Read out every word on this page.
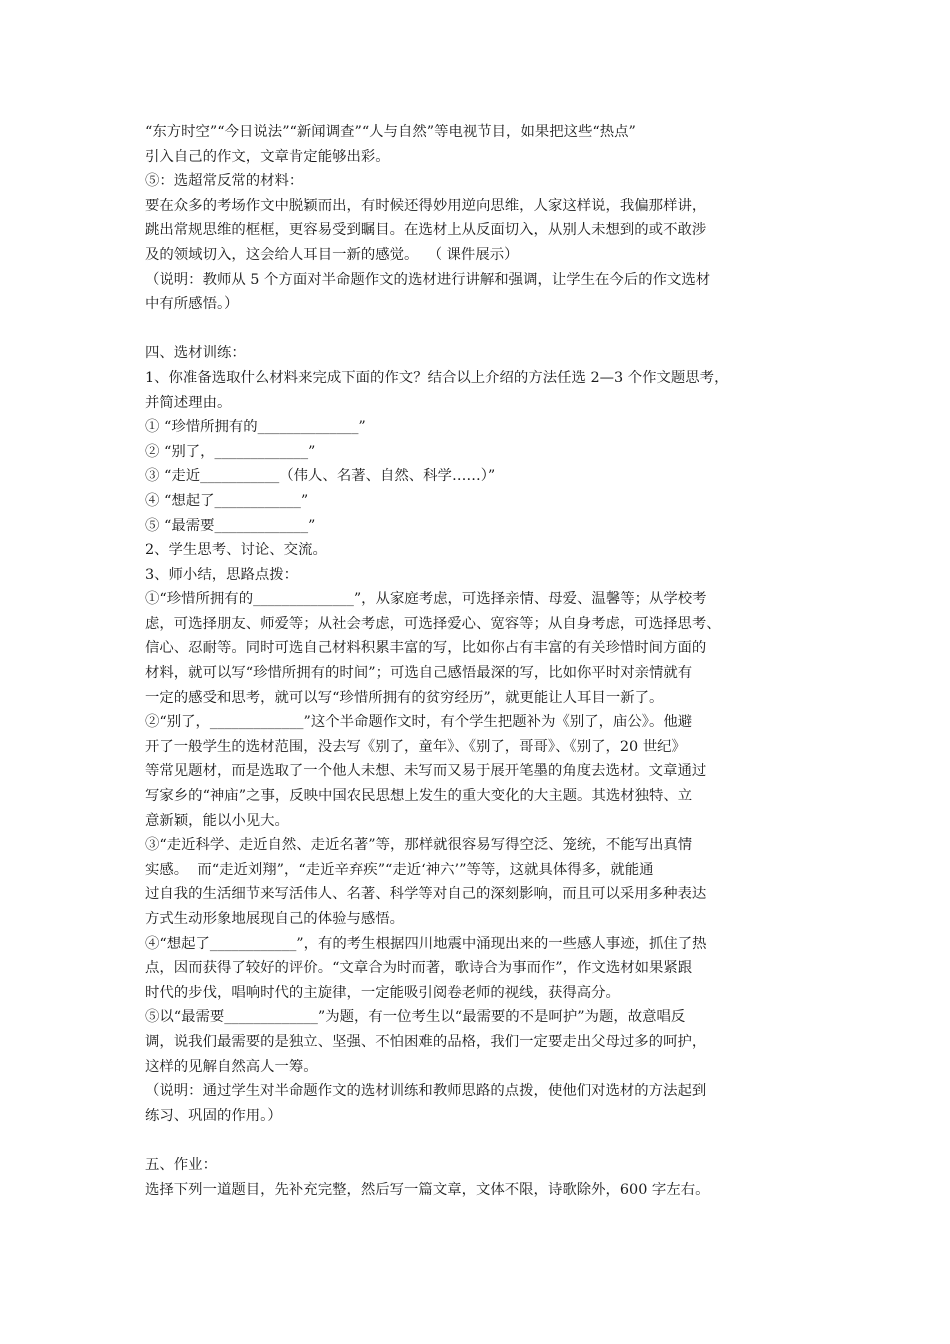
“东方时空”“今日说法”“新闻调查”“人与自然”等电视节目，如果把这些“热点”
引入自己的作文，文章肯定能够出彩。
⑤：选超常反常的材料：
要在众多的考场作文中脱颖而出，有时候还得妙用逆向思维，人家这样说，我偏那样讲，
跳出常规思维的框框，更容易受到瞩目。在选材上从反面切入，从别人未想到的或不敢涉
及的领域切入，这会给人耳目一新的感觉。  （ 课件展示）
（说明：教师从 5 个方面对半命题作文的选材进行讲解和强调，让学生在今后的作文选材
中有所感悟。）
四、选材训练：
1、你准备选取什么材料来完成下面的作文？结合以上介绍的方法任选 2—3 个作文题思考，
并简述理由。
① “珍惜所拥有的______________”
② “别了，_____________”
③ “走近___________（伟人、名著、自然、科学……）”
④ “想起了____________”
⑤ “最需要_____________”
2、学生思考、讨论、交流。
3、师小结，思路点拨：
①“珍惜所拥有的______________”，从家庭考虑，可选择亲情、母爱、温馨等；从学校考
虑，可选择朋友、师爱等；从社会考虑，可选择爱心、宽容等；从自身考虑，可选择思考、
信心、忍耐等。同时可选自己材料积累丰富的写，比如你占有丰富的有关珍惜时间方面的
材料，就可以写“珍惜所拥有的时间”；可选自己感悟最深的写，比如你平时对亲情就有
一定的感受和思考，就可以写“珍惜所拥有的贫穷经历”，就更能让人耳目一新了。
②“别了，_____________”这个半命题作文时，有个学生把题补为《别了，庙公》。他避
开了一般学生的选材范围，没去写《别了，童年》、《别了，哥哥》、《别了，20 世纪》
等常见题材，而是选取了一个他人未想、未写而又易于展开笔墨的角度去选材。文章通过
写家乡的“神庙”之事，反映中国农民思想上发生的重大变化的大主题。其选材独特、立
意新颖，能以小见大。
③“走近科学、走近自然、走近名著”等，那样就很容易写得空泛、笼统，不能写出真情
实感。  而“走近刘翔”，“走近辛弃疾”“走近‘神六’”等等，这就具体得多，就能通
过自我的生活细节来写活伟人、名著、科学等对自己的深刻影响，而且可以采用多种表达
方式生动形象地展现自己的体验与感悟。
④“想起了____________”，有的考生根据四川地震中涌现出来的一些感人事迹，抓住了热
点，因而获得了较好的评价。“文章合为时而著，歌诗合为事而作”，作文选材如果紧跟
时代的步伐，唱响时代的主旋律，一定能吸引阅卷老师的视线，获得高分。
⑤以“最需要_____________”为题，有一位考生以“最需要的不是呵护”为题，故意唱反
调，说我们最需要的是独立、坚强、不怕困难的品格，我们一定要走出父母过多的呵护，
这样的见解自然高人一筹。
（说明：通过学生对半命题作文的选材训练和教师思路的点拨，使他们对选材的方法起到
练习、巩固的作用。）
五、作业：
选择下列一道题目，先补充完整，然后写一篇文章，文体不限，诗歌除外，600 字左右。
